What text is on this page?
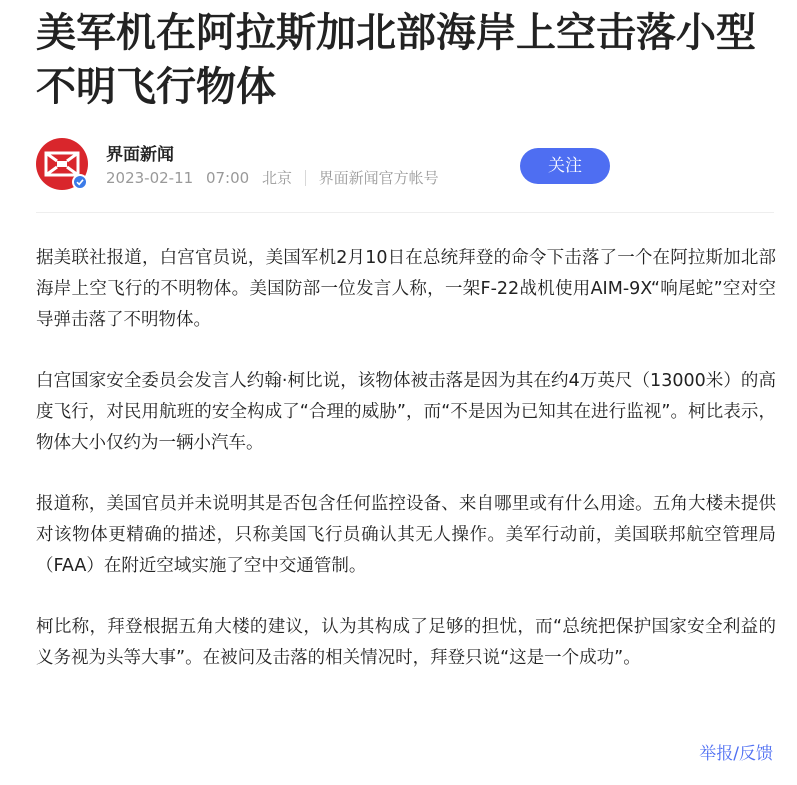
美军机在阿拉斯加北部海岸上空击落小型不明飞行物体
界面新闻
2023-02-11 07:00 北京 界面新闻官方帐号
关注

据美联社报道，白宫官员说，美国军机2月10日在总统拜登的命令下击落了一个在阿拉斯加北部海岸上空飞行的不明物体。美国防部一位发言人称，一架F-22战机使用AIM-9X“响尾蛇”空对空导弹击落了不明物体。

白宫国家安全委员会发言人约翰·柯比说，该物体被击落是因为其在约4万英尺（13000米）的高度飞行，对民用航班的安全构成了“合理的威胁”，而“不是因为已知其在进行监视”。柯比表示，物体大小仅约为一辆小汽车。

报道称，美国官员并未说明其是否包含任何监控设备、来自哪里或有什么用途。五角大楼未提供对该物体更精确的描述，只称美国飞行员确认其无人操作。美军行动前，美国联邦航空管理局（FAA）在附近空域实施了空中交通管制。

柯比称，拜登根据五角大楼的建议，认为其构成了足够的担忧，而“总统把保护国家安全利益的义务视为头等大事”。在被问及击落的相关情况时，拜登只说“这是一个成功”。

举报/反馈
